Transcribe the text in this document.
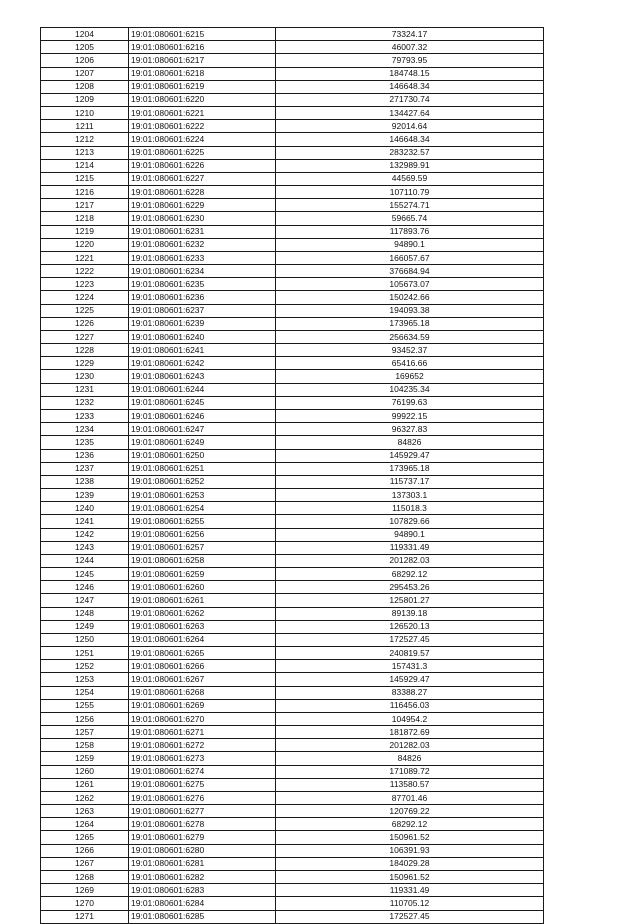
1204	19:01:080601:6215	73324.17
1205	19:01:080601:6216	46007.32
1206	19:01:080601:6217	79793.95
1207	19:01:080601:6218	184748.15
1208	19:01:080601:6219	146648.34
1209	19:01:080601:6220	271730.74
1210	19:01:080601:6221	134427.64
1211	19:01:080601:6222	92014.64
1212	19:01:080601:6224	146648.34
1213	19:01:080601:6225	283232.57
1214	19:01:080601:6226	132989.91
1215	19:01:080601:6227	44569.59
1216	19:01:080601:6228	107110.79
1217	19:01:080601:6229	155274.71
1218	19:01:080601:6230	59665.74
1219	19:01:080601:6231	117893.76
1220	19:01:080601:6232	94890.1
1221	19:01:080601:6233	166057.67
1222	19:01:080601:6234	376684.94
1223	19:01:080601:6235	105673.07
1224	19:01:080601:6236	150242.66
1225	19:01:080601:6237	194093.38
1226	19:01:080601:6239	173965.18
1227	19:01:080601:6240	256634.59
1228	19:01:080601:6241	93452.37
1229	19:01:080601:6242	65416.66
1230	19:01:080601:6243	169652
1231	19:01:080601:6244	104235.34
1232	19:01:080601:6245	76199.63
1233	19:01:080601:6246	99922.15
1234	19:01:080601:6247	96327.83
1235	19:01:080601:6249	84826
1236	19:01:080601:6250	145929.47
1237	19:01:080601:6251	173965.18
1238	19:01:080601:6252	115737.17
1239	19:01:080601:6253	137303.1
1240	19:01:080601:6254	115018.3
1241	19:01:080601:6255	107829.66
1242	19:01:080601:6256	94890.1
1243	19:01:080601:6257	119331.49
1244	19:01:080601:6258	201282.03
1245	19:01:080601:6259	68292.12
1246	19:01:080601:6260	295453.26
1247	19:01:080601:6261	125801.27
1248	19:01:080601:6262	89139.18
1249	19:01:080601:6263	126520.13
1250	19:01:080601:6264	172527.45
1251	19:01:080601:6265	240819.57
1252	19:01:080601:6266	157431.3
1253	19:01:080601:6267	145929.47
1254	19:01:080601:6268	83388.27
1255	19:01:080601:6269	116456.03
1256	19:01:080601:6270	104954.2
1257	19:01:080601:6271	181872.69
1258	19:01:080601:6272	201282.03
1259	19:01:080601:6273	84826
1260	19:01:080601:6274	171089.72
1261	19:01:080601:6275	113580.57
1262	19:01:080601:6276	87701.46
1263	19:01:080601:6277	120769.22
1264	19:01:080601:6278	68292.12
1265	19:01:080601:6279	150961.52
1266	19:01:080601:6280	106391.93
1267	19:01:080601:6281	184029.28
1268	19:01:080601:6282	150961.52
1269	19:01:080601:6283	119331.49
1270	19:01:080601:6284	110705.12
1271	19:01:080601:6285	172527.45
